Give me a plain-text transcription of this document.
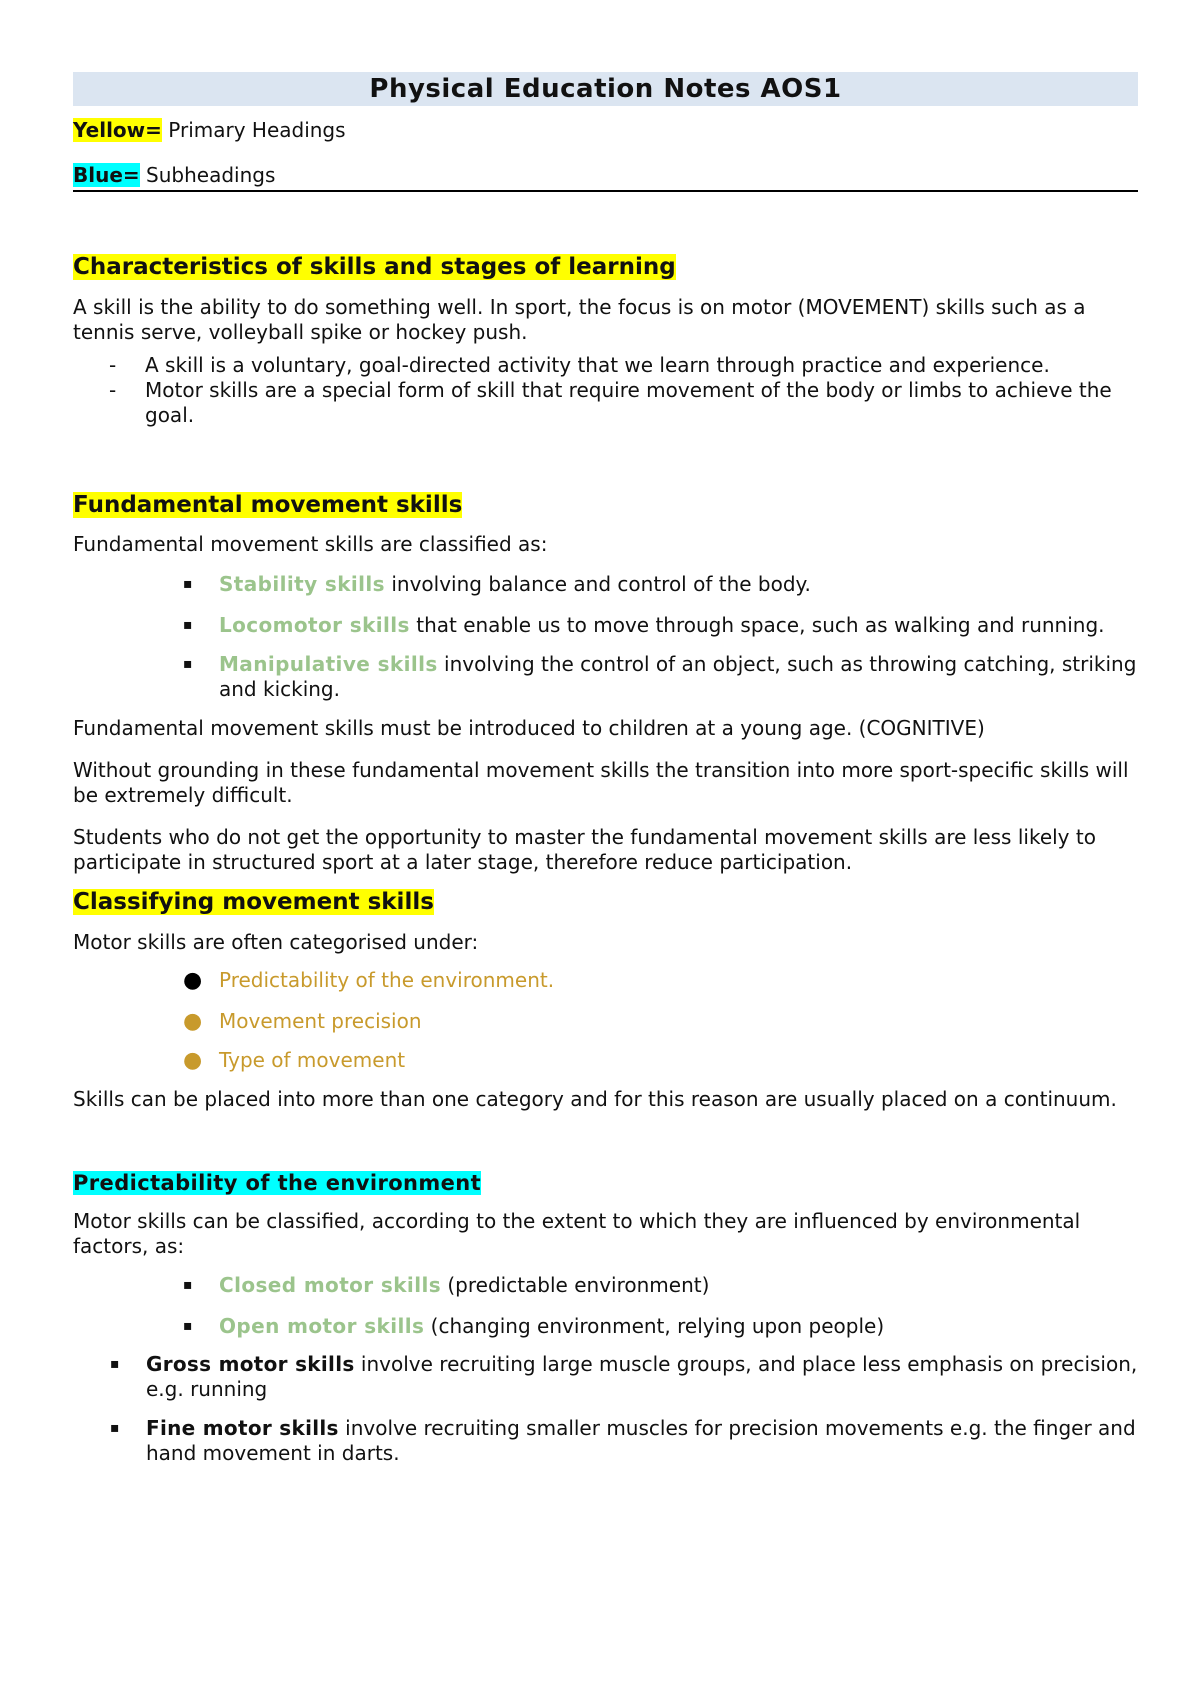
Physical Education Notes AOS1

Yellow= Primary Headings

Blue= Subheadings

Characteristics of skills and stages of learning

A skill is the ability to do something well. In sport, the focus is on motor (MOVEMENT) skills such as a tennis serve, volleyball spike or hockey push.

- A skill is a voluntary, goal-directed activity that we learn through practice and experience.
- Motor skills are a special form of skill that require movement of the body or limbs to achieve the goal.
Fundamental movement skills

Fundamental movement skills are classified as:

▪ Stability skills involving balance and control of the body.
▪ Locomotor skills that enable us to move through space, such as walking and running.
▪ Manipulative skills involving the control of an object, such as throwing catching, striking and kicking.

Fundamental movement skills must be introduced to children at a young age. (COGNITIVE)

Without grounding in these fundamental movement skills the transition into more sport-specific skills will be extremely difficult.

Students who do not get the opportunity to master the fundamental movement skills are less likely to participate in structured sport at a later stage, therefore reduce participation.

Classifying movement skills

Motor skills are often categorised under:

● Predictability of the environment.
● Movement precision
● Type of movement

Skills can be placed into more than one category and for this reason are usually placed on a continuum.

Predictability of the environment

Motor skills can be classified, according to the extent to which they are influenced by environmental factors, as:

▪ Closed motor skills (predictable environment)
▪ Open motor skills (changing environment, relying upon people)
▪ Gross motor skills involve recruiting large muscle groups, and place less emphasis on precision, e.g. running
▪ Fine motor skills involve recruiting smaller muscles for precision movements e.g. the finger and hand movement in darts.
